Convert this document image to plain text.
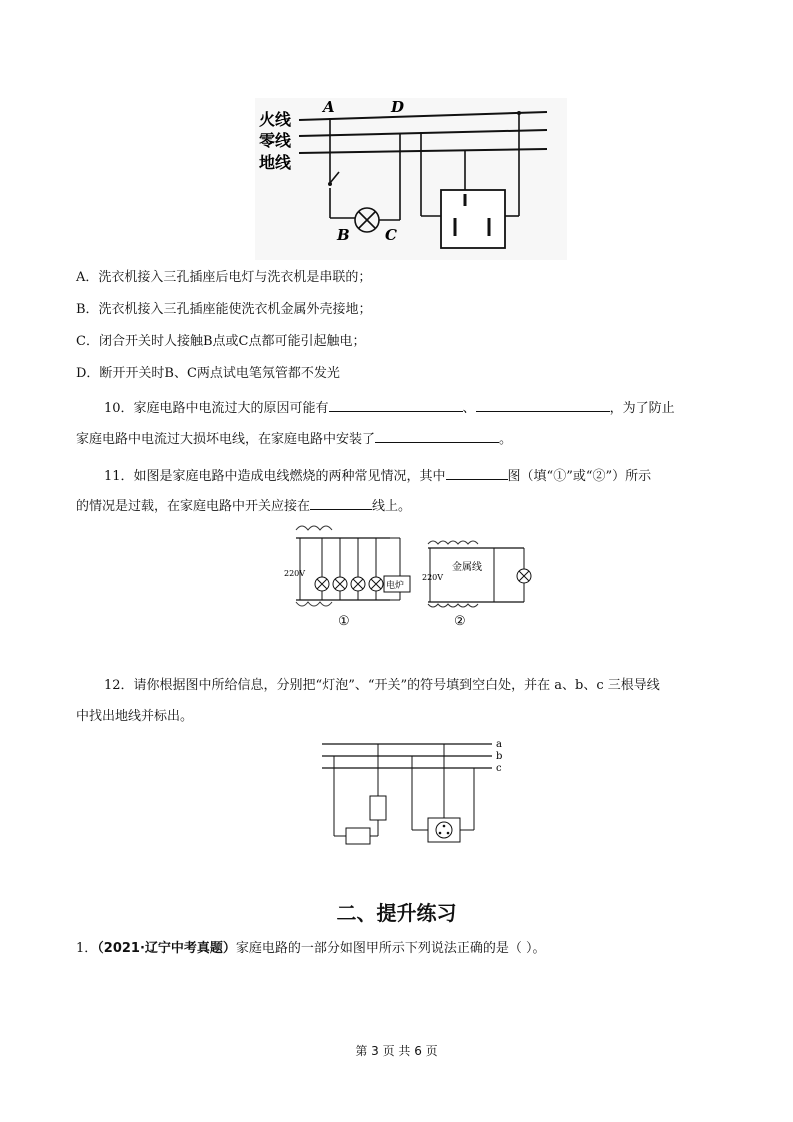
火线
零线
地线
A	D
B C
A．洗衣机接入三孔插座后电灯与洗衣机是串联的；
B．洗衣机接入三孔插座能使洗衣机金属外壳接地；
C．闭合开关时人接触B点或C点都可能引起触电；
D．断开开关时B、C两点试电笔氖管都不发光
10．家庭电路中电流过大的原因可能有	、	，为了防止
家庭电路中电流过大损坏电线，在家庭电路中安装了	。
11．如图是家庭电路中造成电线燃烧的两种常见情况，其中	图（填“①”或“②”）所示
的情况是过载，在家庭电路中开关应接在	线上。
电炉
220V
①
金属线
220V
②
12．请你根据图中所给信息，分别把“灯泡”、“开关”的符号填到空白处，并在 a、b、c 三根导线
中找出地线并标出。
a
b
c
二、提升练习
1．（2021·辽宁中考真题）家庭电路的一部分如图甲所示下列说法正确的是（ ）。
第 3 页 共 6 页
